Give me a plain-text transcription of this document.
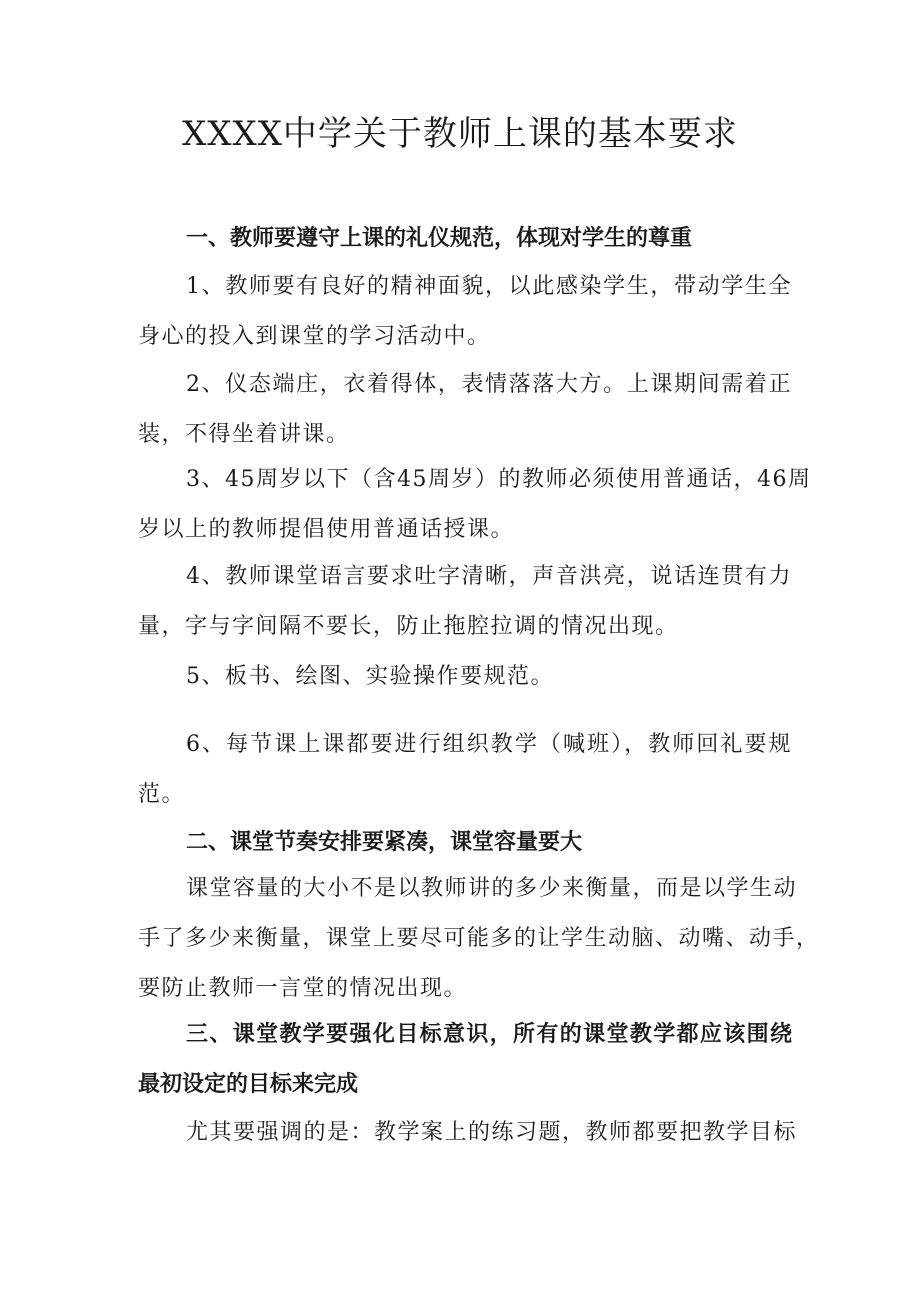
XXXX中学关于教师上课的基本要求
一、教师要遵守上课的礼仪规范，体现对学生的尊重
1、教师要有良好的精神面貌，以此感染学生，带动学生全
身心的投入到课堂的学习活动中。
2、仪态端庄，衣着得体，表情落落大方。上课期间需着正
装，不得坐着讲课。
3、45周岁以下（含45周岁）的教师必须使用普通话，46周
岁以上的教师提倡使用普通话授课。
4、教师课堂语言要求吐字清晰，声音洪亮，说话连贯有力
量，字与字间隔不要长，防止拖腔拉调的情况出现。
5、板书、绘图、实验操作要规范。
6、每节课上课都要进行组织教学（喊班），教师回礼要规
范。
二、课堂节奏安排要紧凑，课堂容量要大
课堂容量的大小不是以教师讲的多少来衡量，而是以学生动
手了多少来衡量，课堂上要尽可能多的让学生动脑、动嘴、动手，
要防止教师一言堂的情况出现。
三、课堂教学要强化目标意识，所有的课堂教学都应该围绕
最初设定的目标来完成
尤其要强调的是：教学案上的练习题，教师都要把教学目标
